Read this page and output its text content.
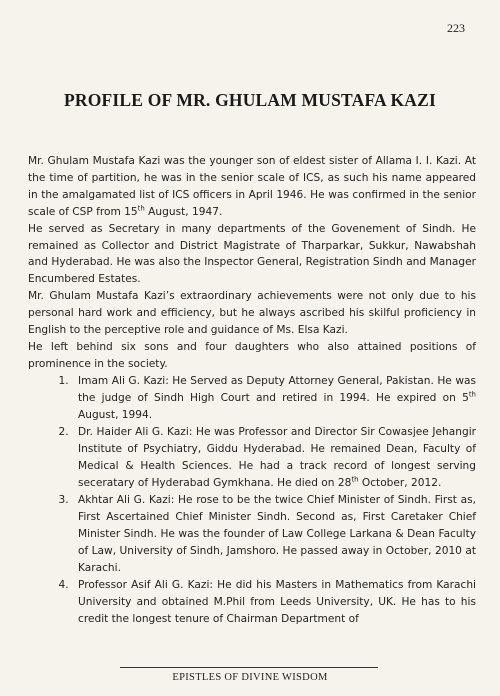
223
PROFILE OF MR. GHULAM MUSTAFA KAZI

Mr. Ghulam Mustafa Kazi was the younger son of eldest sister of Allama I. I. Kazi. At the time of partition, he was in the senior scale of ICS, as such his name appeared in the amalgamated list of ICS officers in April 1946. He was confirmed in the senior scale of CSP from 15th August, 1947.

He served as Secretary in many departments of the Govenement of Sindh. He remained as Collector and District Magistrate of Tharparkar, Sukkur, Nawabshah and Hyderabad. He was also the Inspector General, Registration Sindh and Manager Encumbered Estates.

Mr. Ghulam Mustafa Kazi’s extraordinary achievements were not only due to his personal hard work and efficiency, but he always ascribed his skilful proficiency in English to the perceptive role and guidance of Ms. Elsa Kazi.

He left behind six sons and four daughters who also attained positions of prominence in the society.

1. Imam Ali G. Kazi: He Served as Deputy Attorney General, Pakistan. He was the judge of Sindh High Court and retired in 1994. He expired on 5th August, 1994.
2. Dr. Haider Ali G. Kazi: He was Professor and Director Sir Cowasjee Jehangir Institute of Psychiatry, Giddu Hyderabad. He remained Dean, Faculty of Medical & Health Sciences. He had a track record of longest serving seceratary of Hyderabad Gymkhana. He died on 28th October, 2012.
3. Akhtar Ali G. Kazi: He rose to be the twice Chief Minister of Sindh. First as, First Ascertained Chief Minister Sindh. Second as, First Caretaker Chief Minister Sindh. He was the founder of Law College Larkana & Dean Faculty of Law, University of Sindh, Jamshoro. He passed away in October, 2010 at Karachi.
4. Professor Asif Ali G. Kazi: He did his Masters in Mathematics from Karachi University and obtained M.Phil from Leeds University, UK. He has to his credit the longest tenure of Chairman Department of
EPISTLES OF DIVINE WISDOM
